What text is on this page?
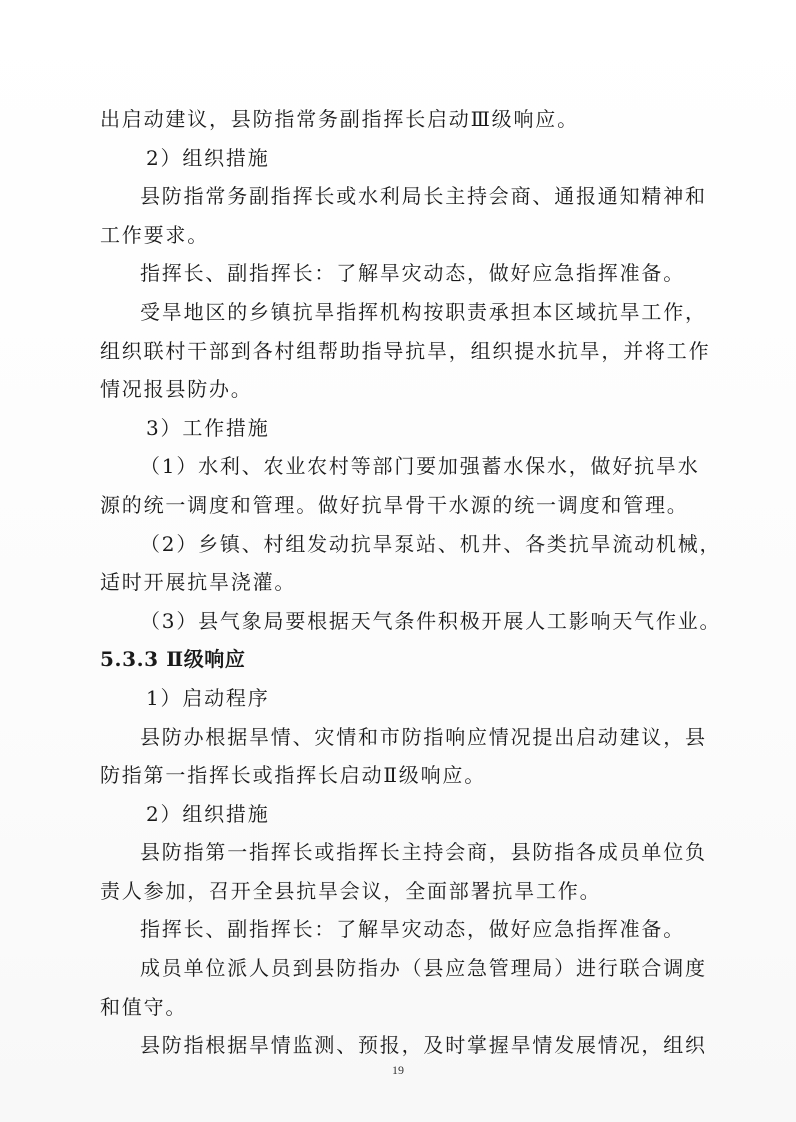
出启动建议，县防指常务副指挥长启动Ⅲ级响应。
2）组织措施
县防指常务副指挥长或水利局长主持会商、通报通知精神和
工作要求。
指挥长、副指挥长：了解旱灾动态，做好应急指挥准备。
受旱地区的乡镇抗旱指挥机构按职责承担本区域抗旱工作，
组织联村干部到各村组帮助指导抗旱，组织提水抗旱，并将工作
情况报县防办。
3）工作措施
（1）水利、农业农村等部门要加强蓄水保水，做好抗旱水
源的统一调度和管理。做好抗旱骨干水源的统一调度和管理。
（2）乡镇、村组发动抗旱泵站、机井、各类抗旱流动机械，
适时开展抗旱浇灌。
（3）县气象局要根据天气条件积极开展人工影响天气作业。
5.3.3 Ⅱ级响应
1）启动程序
县防办根据旱情、灾情和市防指响应情况提出启动建议，县
防指第一指挥长或指挥长启动Ⅱ级响应。
2）组织措施
县防指第一指挥长或指挥长主持会商，县防指各成员单位负
责人参加，召开全县抗旱会议，全面部署抗旱工作。
指挥长、副指挥长：了解旱灾动态，做好应急指挥准备。
成员单位派人员到县防指办（县应急管理局）进行联合调度
和值守。
县防指根据旱情监测、预报，及时掌握旱情发展情况，组织
19
